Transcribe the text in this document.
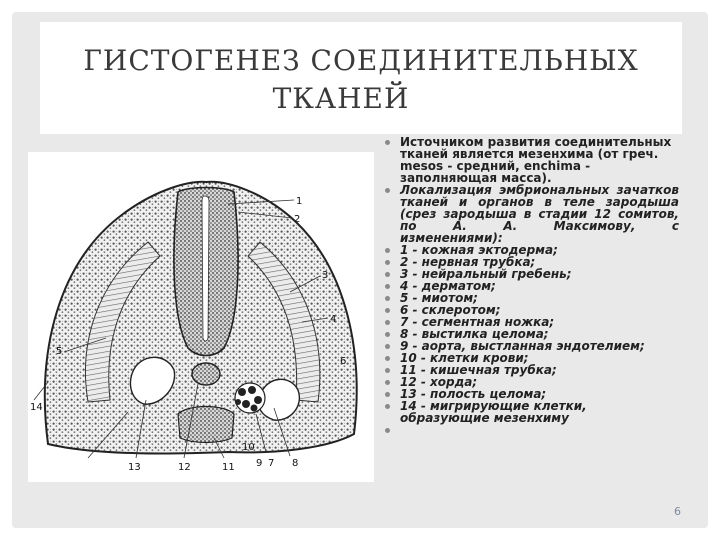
ГИСТОГЕНЕЗ СОЕДИНИТЕЛЬНЫХ
ТКАНЕЙ
1
2
3
4
5
6
7 8
9
10
11
12
13
14
Источником развития соединительных тканей является мезенхима (от греч. mesos - средний, enchima - заполняющая масса).
Локализация эмбриональных зачатков тканей и органов в теле зародыша (срез зародыша в стадии 12 сомитов, по А. А. Максимову, с
изменениями):
1 - кожная эктодерма;
2 - нервная трубка;
3 - нейральный гребень;
4 - дерматом;
5 - миотом;
6 - склеротом;
7 - сегментная ножка;
8 - выстилка целома;
9 - аорта, выстланная эндотелием;
10 - клетки крови;
11 - кишечная трубка;
12 - хорда;
13 - полость целома;
14 - мигрирующие клетки, образующие мезенхиму
6
